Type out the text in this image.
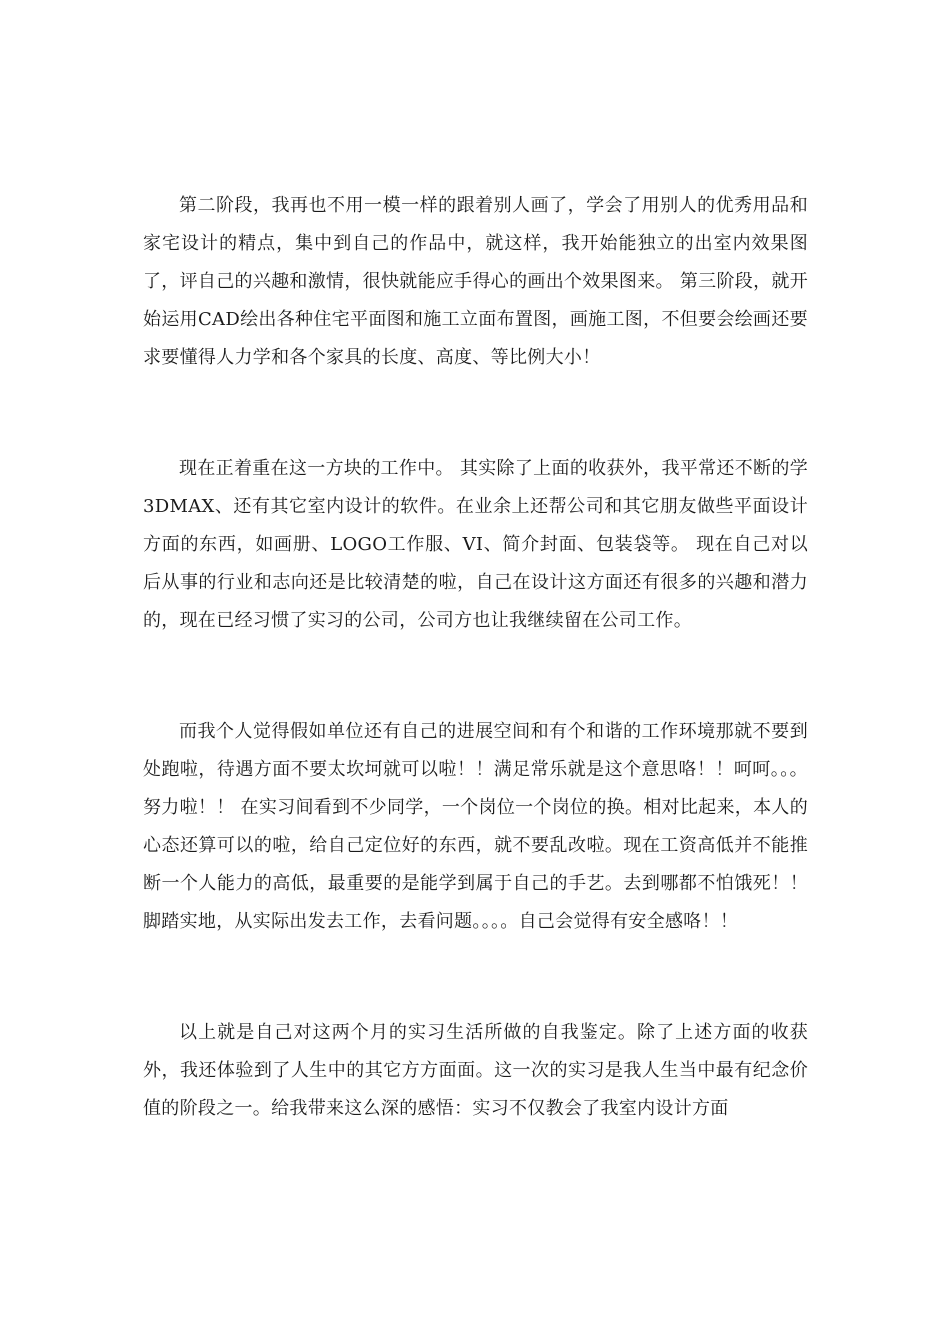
第二阶段，我再也不用一模一样的跟着别人画了，学会了用别人的优秀用品和家宅设计的精点，集中到自己的作品中，就这样，我开始能独立的出室内效果图了，评自己的兴趣和激情，很快就能应手得心的画出个效果图来。 第三阶段，就开始运用CAD绘出各种住宅平面图和施工立面布置图，画施工图，不但要会绘画还要求要懂得人力学和各个家具的长度、高度、等比例大小！

现在正着重在这一方块的工作中。 其实除了上面的收获外，我平常还不断的学3DMAX、还有其它室内设计的软件。在业余上还帮公司和其它朋友做些平面设计方面的东西，如画册、LOGO工作服、VI、简介封面、包装袋等。 现在自己对以后从事的行业和志向还是比较清楚的啦，自己在设计这方面还有很多的兴趣和潜力的，现在已经习惯了实习的公司，公司方也让我继续留在公司工作。

而我个人觉得假如单位还有自己的进展空间和有个和谐的工作环境那就不要到处跑啦，待遇方面不要太坎坷就可以啦！！满足常乐就是这个意思咯！！呵呵。。。努力啦！！ 在实习间看到不少同学，一个岗位一个岗位的换。相对比起来，本人的心态还算可以的啦，给自己定位好的东西，就不要乱改啦。现在工资高低并不能推断一个人能力的高低，最重要的是能学到属于自己的手艺。去到哪都不怕饿死！！脚踏实地，从实际出发去工作，去看问题。。。。自己会觉得有安全感咯！！

以上就是自己对这两个月的实习生活所做的自我鉴定。除了上述方面的收获外，我还体验到了人生中的其它方方面面。这一次的实习是我人生当中最有纪念价值的阶段之一。给我带来这么深的感悟：实习不仅教会了我室内设计方面
